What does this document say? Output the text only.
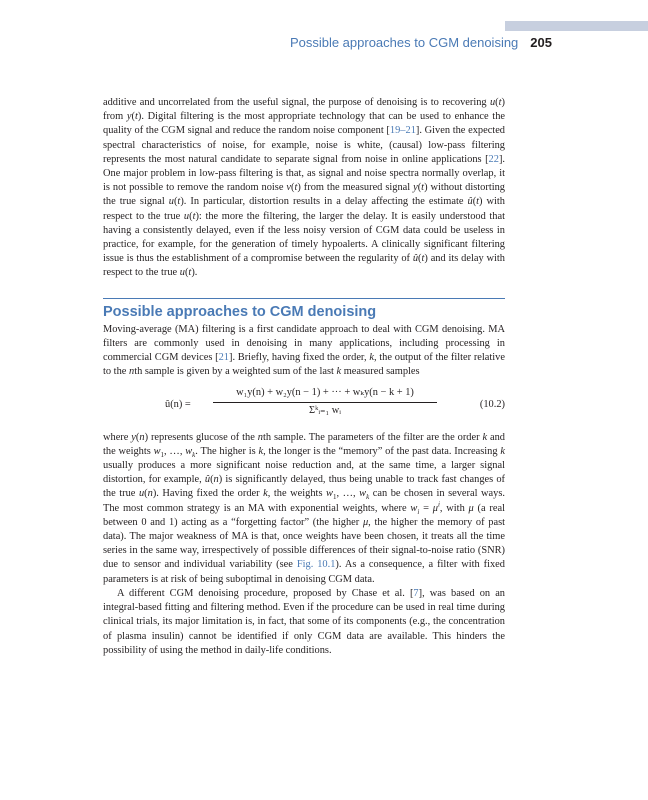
Possible approaches to CGM denoising 205

additive and uncorrelated from the useful signal, the purpose of denoising is to recovering u(t) from y(t). Digital filtering is the most appropriate technology that can be used to enhance the quality of the CGM signal and reduce the random noise component [19–21]. Given the expected spectral characteristics of noise, for example, noise is white, (causal) low-pass filtering represents the most natural candidate to separate signal from noise in online applications [22]. One major problem in low-pass filtering is that, as signal and noise spectra normally overlap, it is not possible to remove the random noise v(t) from the measured signal y(t) without distorting the true signal u(t). In particular, distortion results in a delay affecting the estimate û(t) with respect to the true u(t): the more the filtering, the larger the delay. It is easily understood that having a consistently delayed, even if the less noisy version of CGM data could be useless in practice, for example, for the generation of timely hypoalerts. A clinically significant filtering issue is thus the establishment of a compromise between the regularity of û(t) and its delay with respect to the true u(t).

Possible approaches to CGM denoising

Moving-average (MA) filtering is a first candidate approach to deal with CGM denoising. MA filters are commonly used in denoising in many applications, including processing in commercial CGM devices [21]. Briefly, having fixed the order, k, the output of the filter relative to the nth sample is given by a weighted sum of the last k measured samples

û(n) =
w₁y(n) + w₂y(n − 1) + ··· + wₖy(n − k + 1)
Σᵏᵢ₌₁ wᵢ
(10.2)

where y(n) represents glucose of the nth sample. The parameters of the filter are the order k and the weights $w_1$, …, $w_k$. The higher is k, the longer is the “memory” of the past data. Increasing k usually produces a more significant noise reduction and, at the same time, a larger signal distortion, for example, û(n) is significantly delayed, thus being unable to track fast changes of the true u(n). Having fixed the order k, the weights $w_1$, …, $w_k$ can be chosen in several ways. The most common strategy is an MA with exponential weights, where $w_i = \mu^i$, with μ (a real between 0 and 1) acting as a “forgetting factor” (the higher μ, the higher the memory of past data). The major weakness of MA is that, once weights have been chosen, it treats all the time series in the same way, irrespectively of possible differences of their signal-to-noise ratio (SNR) due to sensor and individual variability (see Fig. 10.1). As a consequence, a filter with fixed parameters is at risk of being suboptimal in denoising CGM data.

A different CGM denoising procedure, proposed by Chase et al. [7], was based on an integral-based fitting and filtering method. Even if the procedure can be used in real time during clinical trials, its major limitation is, in fact, that some of its components (e.g., the concentration of plasma insulin) cannot be identified if only CGM data are available. This hinders the possibility of using the method in daily-life conditions.
